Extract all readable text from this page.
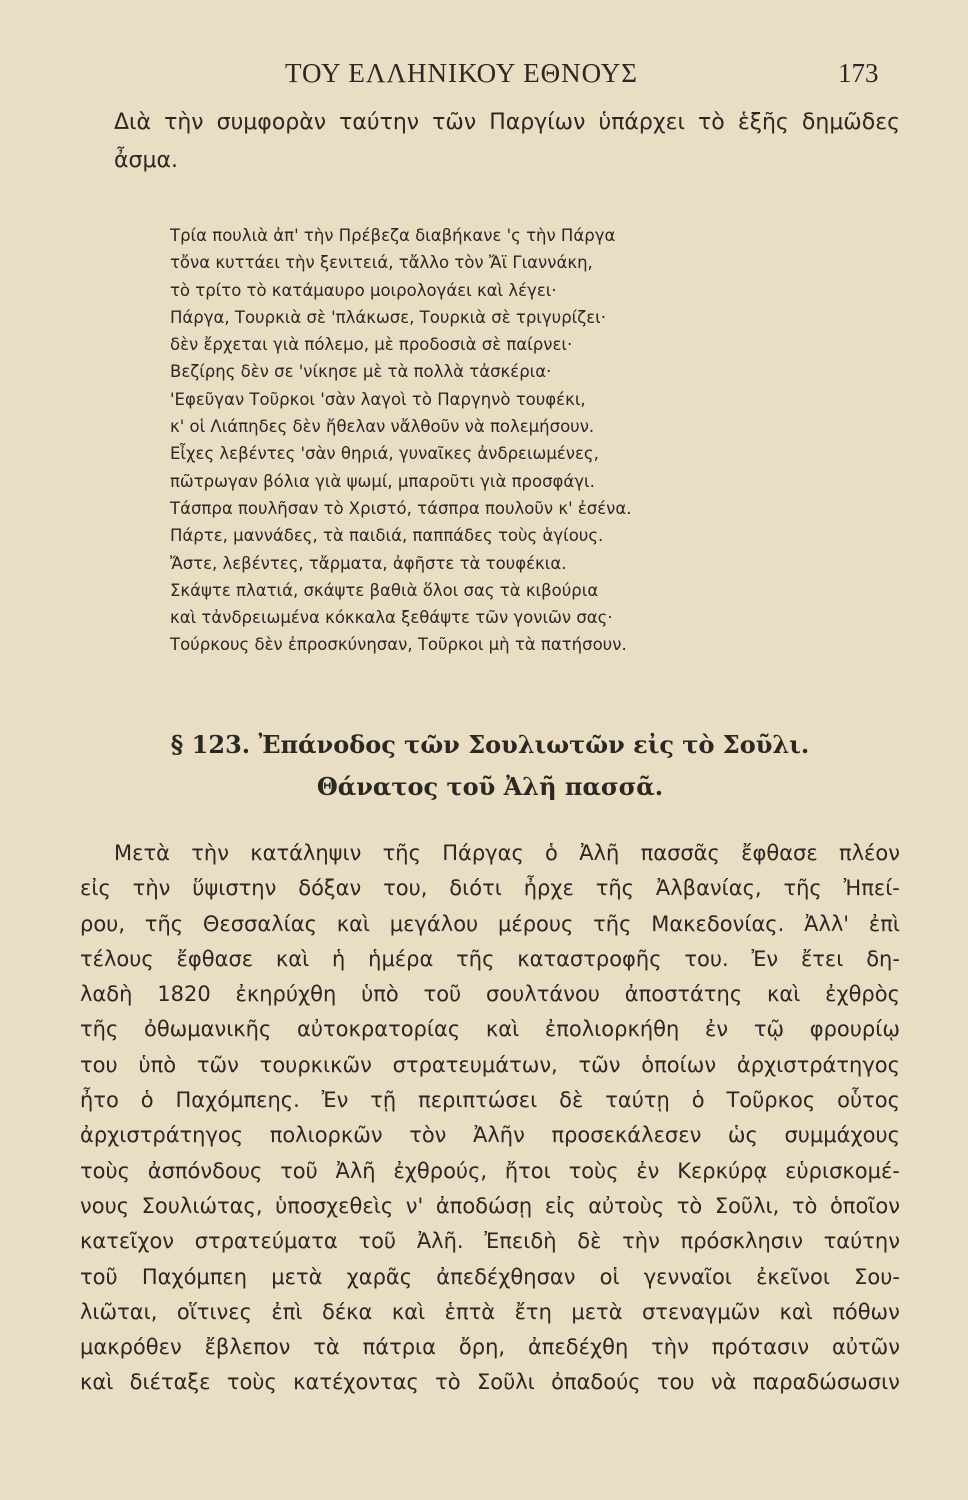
ΤΟΥ ΕΛΛΗΝΙΚΟΥ ΕΘΝΟΥΣ	173
Διὰ τὴν συμφορὰν ταύτην τῶν Παργίων ὑπάρχει τὸ ἑξῆς δημῶδες ἆσμα.
Τρία πουλιὰ ἀπ' τὴν Πρέβεζα διαβήκανε 'ς τὴν Πάργα
τὄνα κυττάει τὴν ξενιτειά, τἄλλο τὸν Ἄϊ Γιαννάκη,
τὸ τρίτο τὸ κατάμαυρο μοιρολογάει καὶ λέγει·
Πάργα, Τουρκιὰ σὲ 'πλάκωσε, Τουρκιὰ σὲ τριγυρίζει·
δὲν ἔρχεται γιὰ πόλεμο, μὲ προδοσιὰ σὲ παίρνει·
Βεζίρης δὲν σε 'νίκησε μὲ τὰ πολλὰ τἀσκέρια·
'Εφεῦγαν Τοῦρκοι 'σὰν λαγοὶ τὸ Παργηνὸ τουφέκι,
κ' οἱ Λιάπηδες δὲν ἤθελαν νἄλθοῦν νὰ πολεμήσουν.
Εἶχες λεβέντες 'σὰν θηριά, γυναῖκες ἀνδρειωμένες,
πῶτρωγαν βόλια γιὰ ψωμί, μπαροῦτι γιὰ προσφάγι.
Τάσπρα πουλῆσαν τὸ Χριστό, τάσπρα πουλοῦν κ' ἐσένα.
Πάρτε, μαννάδες, τὰ παιδιά, παππάδες τοὺς ἁγίους.
Ἄστε, λεβέντες, τἄρματα, ἀφῆστε τὰ τουφέκια.
Σκάψτε πλατιά, σκάψτε βαθιὰ ὅλοι σας τὰ κιβούρια
καὶ τἀνδρειωμένα κόκκαλα ξεθάψτε τῶν γονιῶν σας·
Τούρκους δὲν ἐπροσκύνησαν, Τοῦρκοι μὴ τὰ πατήσουν.
§ 123. Ἐπάνοδος τῶν Σουλιωτῶν εἰς τὸ Σοῦλι.
Θάνατος τοῦ Ἀλῆ πασσᾶ.
Μετὰ τὴν κατάληψιν τῆς Πάργας ὁ Ἀλῆ πασσᾶς ἔφθασε πλέον
εἰς τὴν ὕψιστην δόξαν του, διότι ἦρχε τῆς Ἀλβανίας, τῆς Ἠπεί-
ρου, τῆς Θεσσαλίας καὶ μεγάλου μέρους τῆς Μακεδονίας. Ἀλλ' ἐπὶ
τέλους ἔφθασε καὶ ἡ ἡμέρα τῆς καταστροφῆς του. Ἐν ἔτει δη-
λαδὴ 1820 ἐκηρύχθη ὑπὸ τοῦ σουλτάνου ἀποστάτης καὶ ἐχθρὸς
τῆς ὀθωμανικῆς αὐτοκρατορίας καὶ ἐπολιορκήθη ἐν τῷ φρουρίῳ
του ὑπὸ τῶν τουρκικῶν στρατευμάτων, τῶν ὁποίων ἀρχιστράτηγος
ἦτο ὁ Παχόμπεης. Ἐν τῇ περιπτώσει δὲ ταύτῃ ὁ Τοῦρκος οὗτος
ἀρχιστράτηγος πολιορκῶν τὸν Ἀλῆν προσεκάλεσεν ὡς συμμάχους
τοὺς ἀσπόνδους τοῦ Ἀλῆ ἐχθρούς, ἤτοι τοὺς ἐν Κερκύρᾳ εὑρισκομέ-
νους Σουλιώτας, ὑποσχεθεὶς ν' ἀποδώσῃ εἰς αὐτοὺς τὸ Σοῦλι, τὸ ὁποῖον
κατεῖχον στρατεύματα τοῦ Ἀλῆ. Ἐπειδὴ δὲ τὴν πρόσκλησιν ταύτην
τοῦ Παχόμπεη μετὰ χαρᾶς ἀπεδέχθησαν οἱ γενναῖοι ἐκεῖνοι Σου-
λιῶται, οἵτινες ἐπὶ δέκα καὶ ἑπτὰ ἔτη μετὰ στεναγμῶν καὶ πόθων
μακρόθεν ἔβλεπον τὰ πάτρια ὄρη, ἀπεδέχθη τὴν πρότασιν αὐτῶν
καὶ διέταξε τοὺς κατέχοντας τὸ Σοῦλι ὀπαδούς του νὰ παραδώσωσιν
